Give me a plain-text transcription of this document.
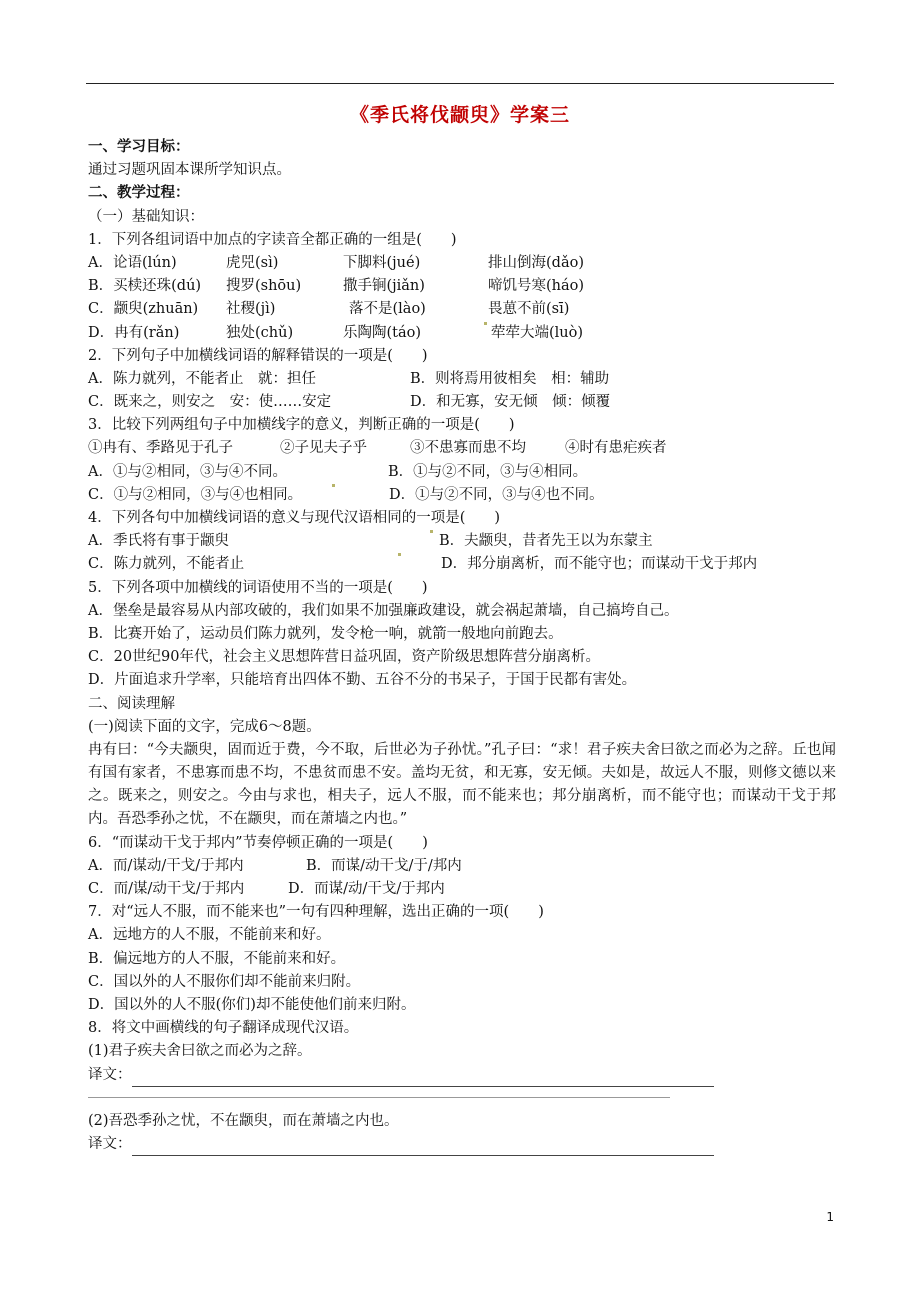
《季氏将伐颛臾》学案三
一、学习目标：
通过习题巩固本课所学知识点。
二、教学过程：
（一）基础知识：
1．下列各组词语中加点的字读音全都正确的一组是(　　)
A．论语(lún)	虎兕(sì)	下脚料(jué)	排山倒海(dǎo)
B．买椟还珠(dú)	搜罗(shōu)	撒手锏(jiǎn)	啼饥号寒(háo)
C．颛臾(zhuān)	社稷(jì)	落不是(lào)	畏葸不前(sī)
D．冉有(rǎn)	独处(chǔ)	乐陶陶(táo)	荦荦大端(luò)
2．下列句子中加横线词语的解释错误的一项是(　　)
A．陈力就列，不能者止　就：担任	B．则将焉用彼相矣　相：辅助
C．既来之，则安之　安：使……安定	D．和无寡，安无倾　倾：倾覆
3．比较下列两组句子中加横线字的意义，判断正确的一项是(　　)
①冉有、季路见于孔子	②子见夫子乎	③不患寡而患不均	④时有患疟疾者
A．①与②相同，③与④不同。	B．①与②不同，③与④相同。
C．①与②相同，③与④也相同。	D．①与②不同，③与④也不同。
4．下列各句中加横线词语的意义与现代汉语相同的一项是(　　)
A．季氏将有事于颛臾	B．夫颛臾，昔者先王以为东蒙主
C．陈力就列，不能者止	D．邦分崩离析，而不能守也；而谋动干戈于邦内
5．下列各项中加横线的词语使用不当的一项是(　　)
A．堡垒是最容易从内部攻破的，我们如果不加强廉政建设，就会祸起萧墙，自己搞垮自己。
B．比赛开始了，运动员们陈力就列，发令枪一响，就箭一般地向前跑去。
C．20世纪90年代，社会主义思想阵营日益巩固，资产阶级思想阵营分崩离析。
D．片面追求升学率，只能培育出四体不勤、五谷不分的书呆子，于国于民都有害处。
二、阅读理解
(一)阅读下面的文字，完成6～8题。
冉有曰：“今夫颛臾，固而近于费，今不取，后世必为子孙忧。”孔子曰：“求！君子疾夫舍曰欲之而必为之辞。丘也闻有国有家者，不患寡而患不均，不患贫而患不安。盖均无贫，和无寡，安无倾。夫如是，故远人不服，则修文德以来之。既来之，则安之。今由与求也，相夫子，远人不服，而不能来也；邦分崩离析，而不能守也；而谋动干戈于邦内。吾恐季孙之忧，不在颛臾，而在萧墙之内也。”
6．“而谋动干戈于邦内”节奏停顿正确的一项是(　　)
A．而/谋动/干戈/于邦内	B．而谋/动干戈/于/邦内
C．而/谋/动干戈/于邦内	D．而谋/动/干戈/于邦内
7．对“远人不服，而不能来也”一句有四种理解，选出正确的一项(　　)
A．远地方的人不服，不能前来和好。
B．偏远地方的人不服，不能前来和好。
C．国以外的人不服你们却不能前来归附。
D．国以外的人不服(你们)却不能使他们前来归附。
8．将文中画横线的句子翻译成现代汉语。
(1)君子疾夫舍曰欲之而必为之辞。
译文：
(2)吾恐季孙之忧，不在颛臾，而在萧墙之内也。
译文：
1
